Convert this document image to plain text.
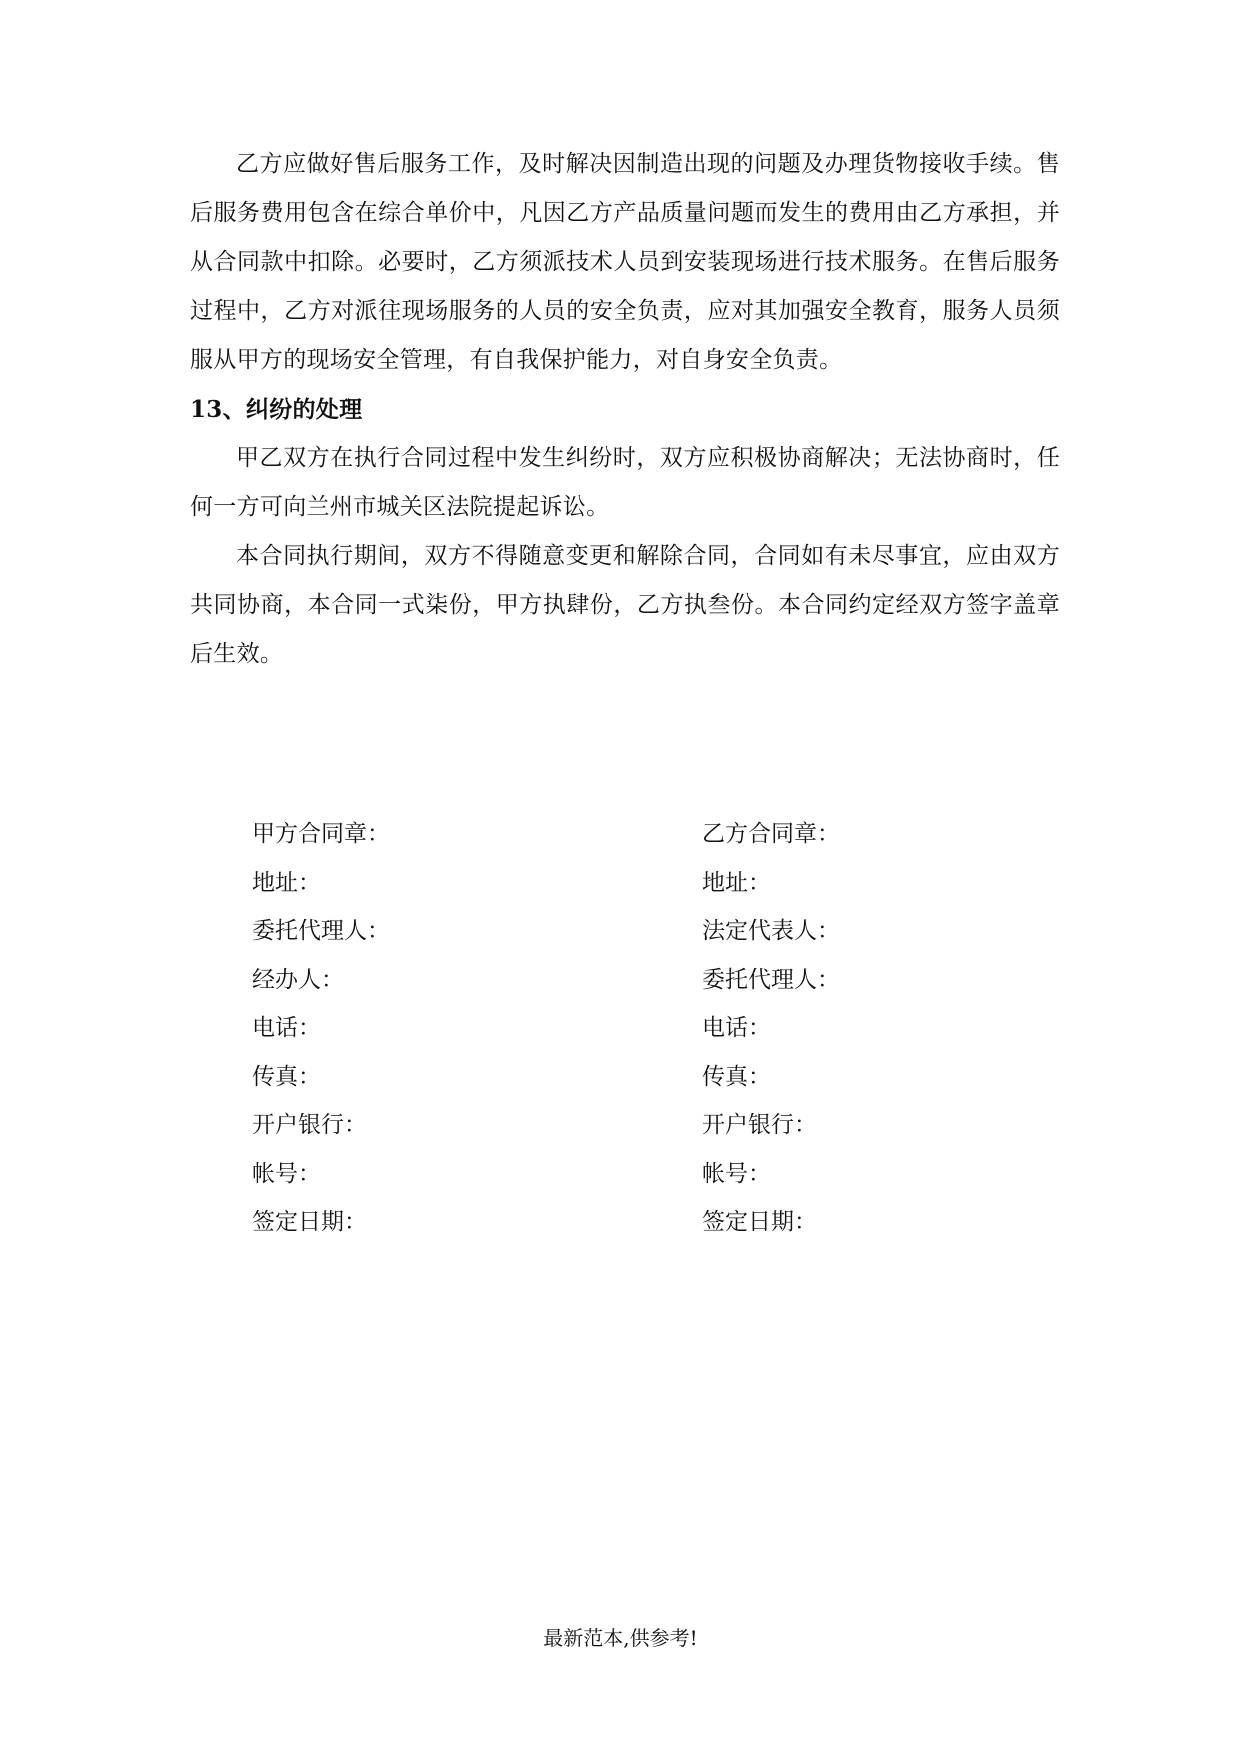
乙方应做好售后服务工作，及时解决因制造出现的问题及办理货物接收手续。售后服务费用包含在综合单价中，凡因乙方产品质量问题而发生的费用由乙方承担，并从合同款中扣除。必要时，乙方须派技术人员到安装现场进行技术服务。在售后服务过程中，乙方对派往现场服务的人员的安全负责，应对其加强安全教育，服务人员须服从甲方的现场安全管理，有自我保护能力，对自身安全负责。

13、纠纷的处理

甲乙双方在执行合同过程中发生纠纷时，双方应积极协商解决；无法协商时，任何一方可向兰州市城关区法院提起诉讼。

本合同执行期间，双方不得随意变更和解除合同，合同如有未尽事宜，应由双方共同协商，本合同一式柒份，甲方执肆份，乙方执叁份。本合同约定经双方签字盖章后生效。

甲方合同章：
地址：
委托代理人：
经办人：
电话：
传真：
开户银行：
帐号：
签定日期：
乙方合同章：
地址：
法定代表人：
委托代理人：
电话：
传真：
开户银行：
帐号：
签定日期：
最新范本,供参考!
